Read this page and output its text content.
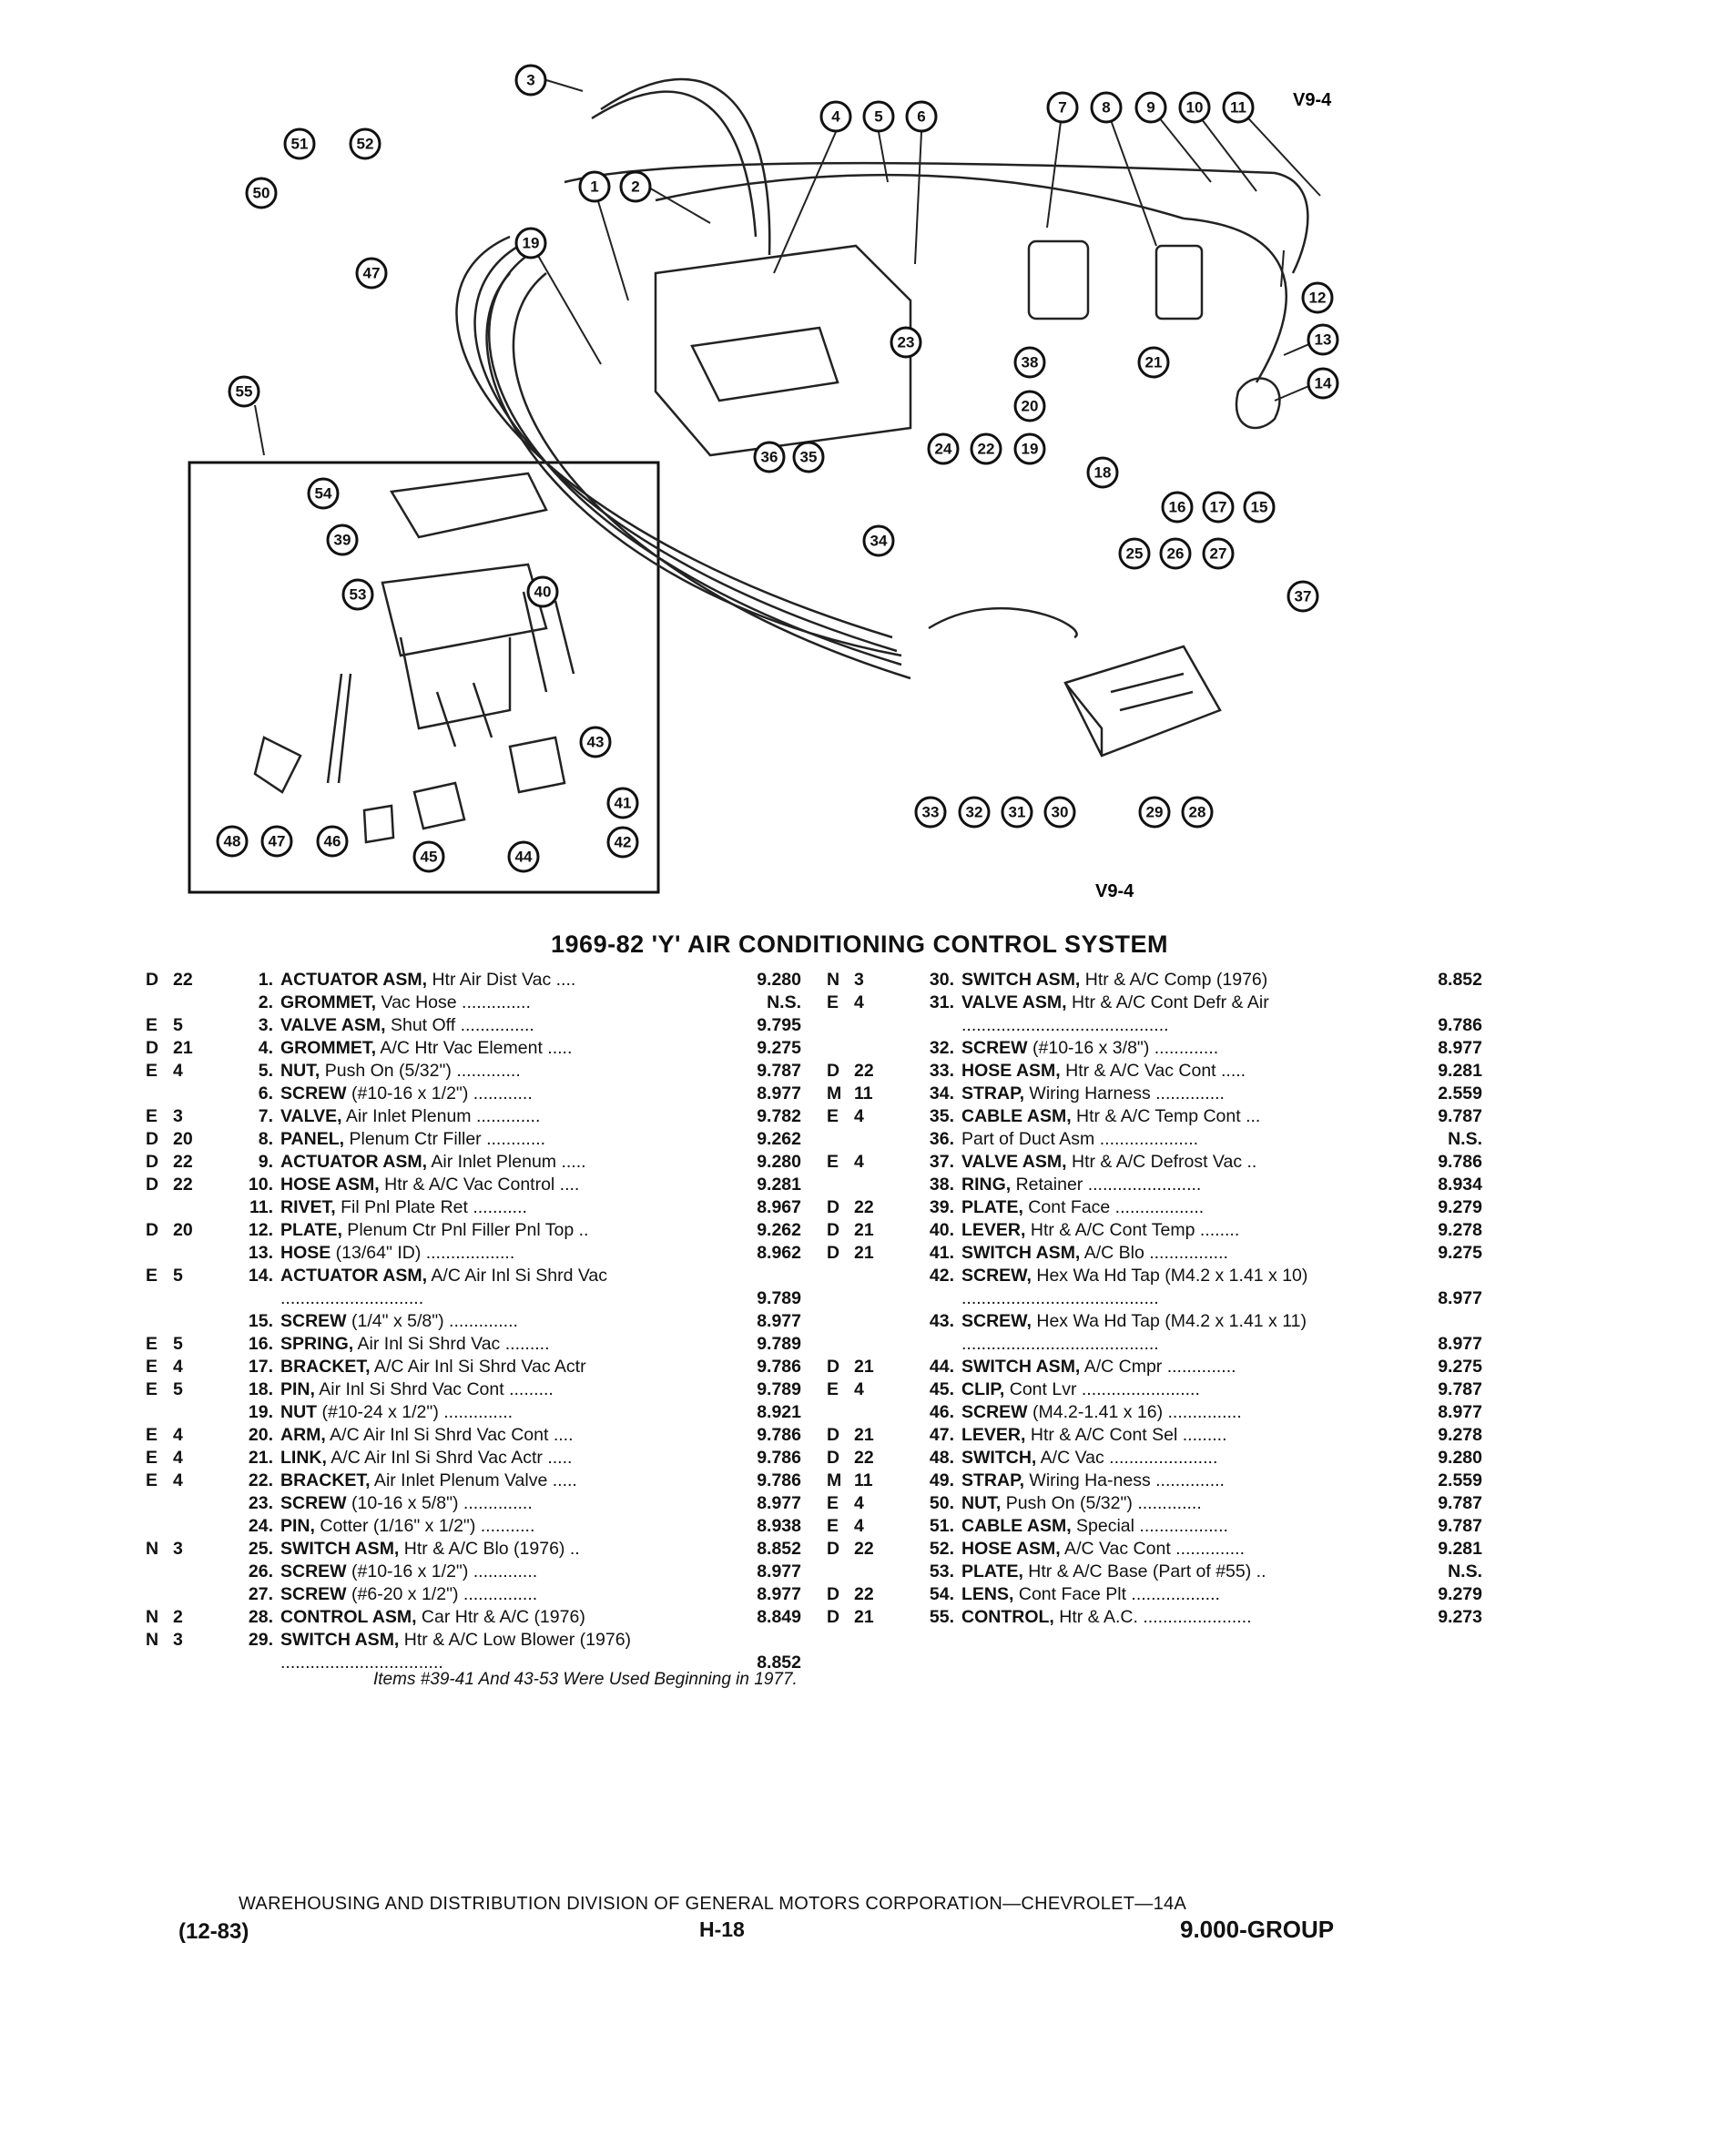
1 2
3
4 5 6
7 8 9 10 11
12
13
14
15
16 17
18
19
20
21
22
23
24
25 26 27
28
29
30
31
32
33
34
35
36
37
38
39
40
41
42
43
44
45
46
47
48
50
51	52
53
54
55
19
47
V9-4
V9-4
1969-82 'Y' AIR CONDITIONING CONTROL SYSTEM
D 22	1. ACTUATOR ASM, Htr Air Dist Vac ....	9.280
2. GROMMET, Vac Hose ..............	N.S.
E 5	3. VALVE ASM, Shut Off ...............	9.795
D 21	4. GROMMET, A/C Htr Vac Element .....	9.275
E 4	5. NUT, Push On (5/32") .............	9.787
6. SCREW (#10-16 x 1/2") ............	8.977
E 3	7. VALVE, Air Inlet Plenum .............	9.782
D 20	8. PANEL, Plenum Ctr Filler ............	9.262
D 22	9. ACTUATOR ASM, Air Inlet Plenum .....	9.280
D 22	10. HOSE ASM, Htr & A/C Vac Control ....	9.281
11. RIVET, Fil Pnl Plate Ret ...........	8.967
D 20	12. PLATE, Plenum Ctr Pnl Filler Pnl Top ..	9.262
13. HOSE (13/64" ID) ..................	8.962
E 5	14. ACTUATOR ASM, A/C Air Inl Si Shrd Vac .............................	9.789
15. SCREW (1/4" x 5/8") ..............	8.977
E 5	16. SPRING, Air Inl Si Shrd Vac .........	9.789
E 4	17. BRACKET, A/C Air Inl Si Shrd Vac Actr	9.786
E 5	18. PIN, Air Inl Si Shrd Vac Cont .........	9.789
19. NUT (#10-24 x 1/2") ..............	8.921
E 4	20. ARM, A/C Air Inl Si Shrd Vac Cont ....	9.786
E 4	21. LINK, A/C Air Inl Si Shrd Vac Actr .....	9.786
E 4	22. BRACKET, Air Inlet Plenum Valve .....	9.786
23. SCREW (10-16 x 5/8") ..............	8.977
24. PIN, Cotter (1/16" x 1/2") ...........	8.938
N 3	25. SWITCH ASM, Htr & A/C Blo (1976) ..	8.852
26. SCREW (#10-16 x 1/2") .............	8.977
27. SCREW (#6-20 x 1/2") ...............	8.977
N 2	28. CONTROL ASM, Car Htr & A/C (1976)	8.849
N 3	29. SWITCH ASM, Htr & A/C Low Blower (1976) .................................	8.852
N 3	30. SWITCH ASM, Htr & A/C Comp (1976)	8.852
E 4	31. VALVE ASM, Htr & A/C Cont Defr & Air ..........................................	9.786
32. SCREW (#10-16 x 3/8") .............	8.977
D 22	33. HOSE ASM, Htr & A/C Vac Cont .....	9.281
M 11	34. STRAP, Wiring Harness ..............	2.559
E 4	35. CABLE ASM, Htr & A/C Temp Cont ...	9.787
36. Part of Duct Asm ....................	N.S.
E 4	37. VALVE ASM, Htr & A/C Defrost Vac ..	9.786
38. RING, Retainer .......................	8.934
D 22	39. PLATE, Cont Face ..................	9.279
D 21	40. LEVER, Htr & A/C Cont Temp ........	9.278
D 21	41. SWITCH ASM, A/C Blo ................	9.275
42. SCREW, Hex Wa Hd Tap (M4.2 x 1.41 x 10) ........................................	8.977
43. SCREW, Hex Wa Hd Tap (M4.2 x 1.41 x 11) ........................................	8.977
D 21	44. SWITCH ASM, A/C Cmpr ..............	9.275
E 4	45. CLIP, Cont Lvr ........................	9.787
46. SCREW (M4.2-1.41 x 16) ...............	8.977
D 21	47. LEVER, Htr & A/C Cont Sel .........	9.278
D 22	48. SWITCH, A/C Vac ......................	9.280
M 11	49. STRAP, Wiring Ha-ness ..............	2.559
E 4	50. NUT, Push On (5/32") .............	9.787
E 4	51. CABLE ASM, Special ..................	9.787
D 22	52. HOSE ASM, A/C Vac Cont ..............	9.281
53. PLATE, Htr & A/C Base (Part of #55) ..	N.S.
D 22	54. LENS, Cont Face Plt ..................	9.279
D 21	55. CONTROL, Htr & A.C. ......................	9.273
Items #39-41 And 43-53 Were Used Beginning in 1977.
WAREHOUSING AND DISTRIBUTION DIVISION OF GENERAL MOTORS CORPORATION—CHEVROLET—14A
(12-83)	H-18	9.000-GROUP
